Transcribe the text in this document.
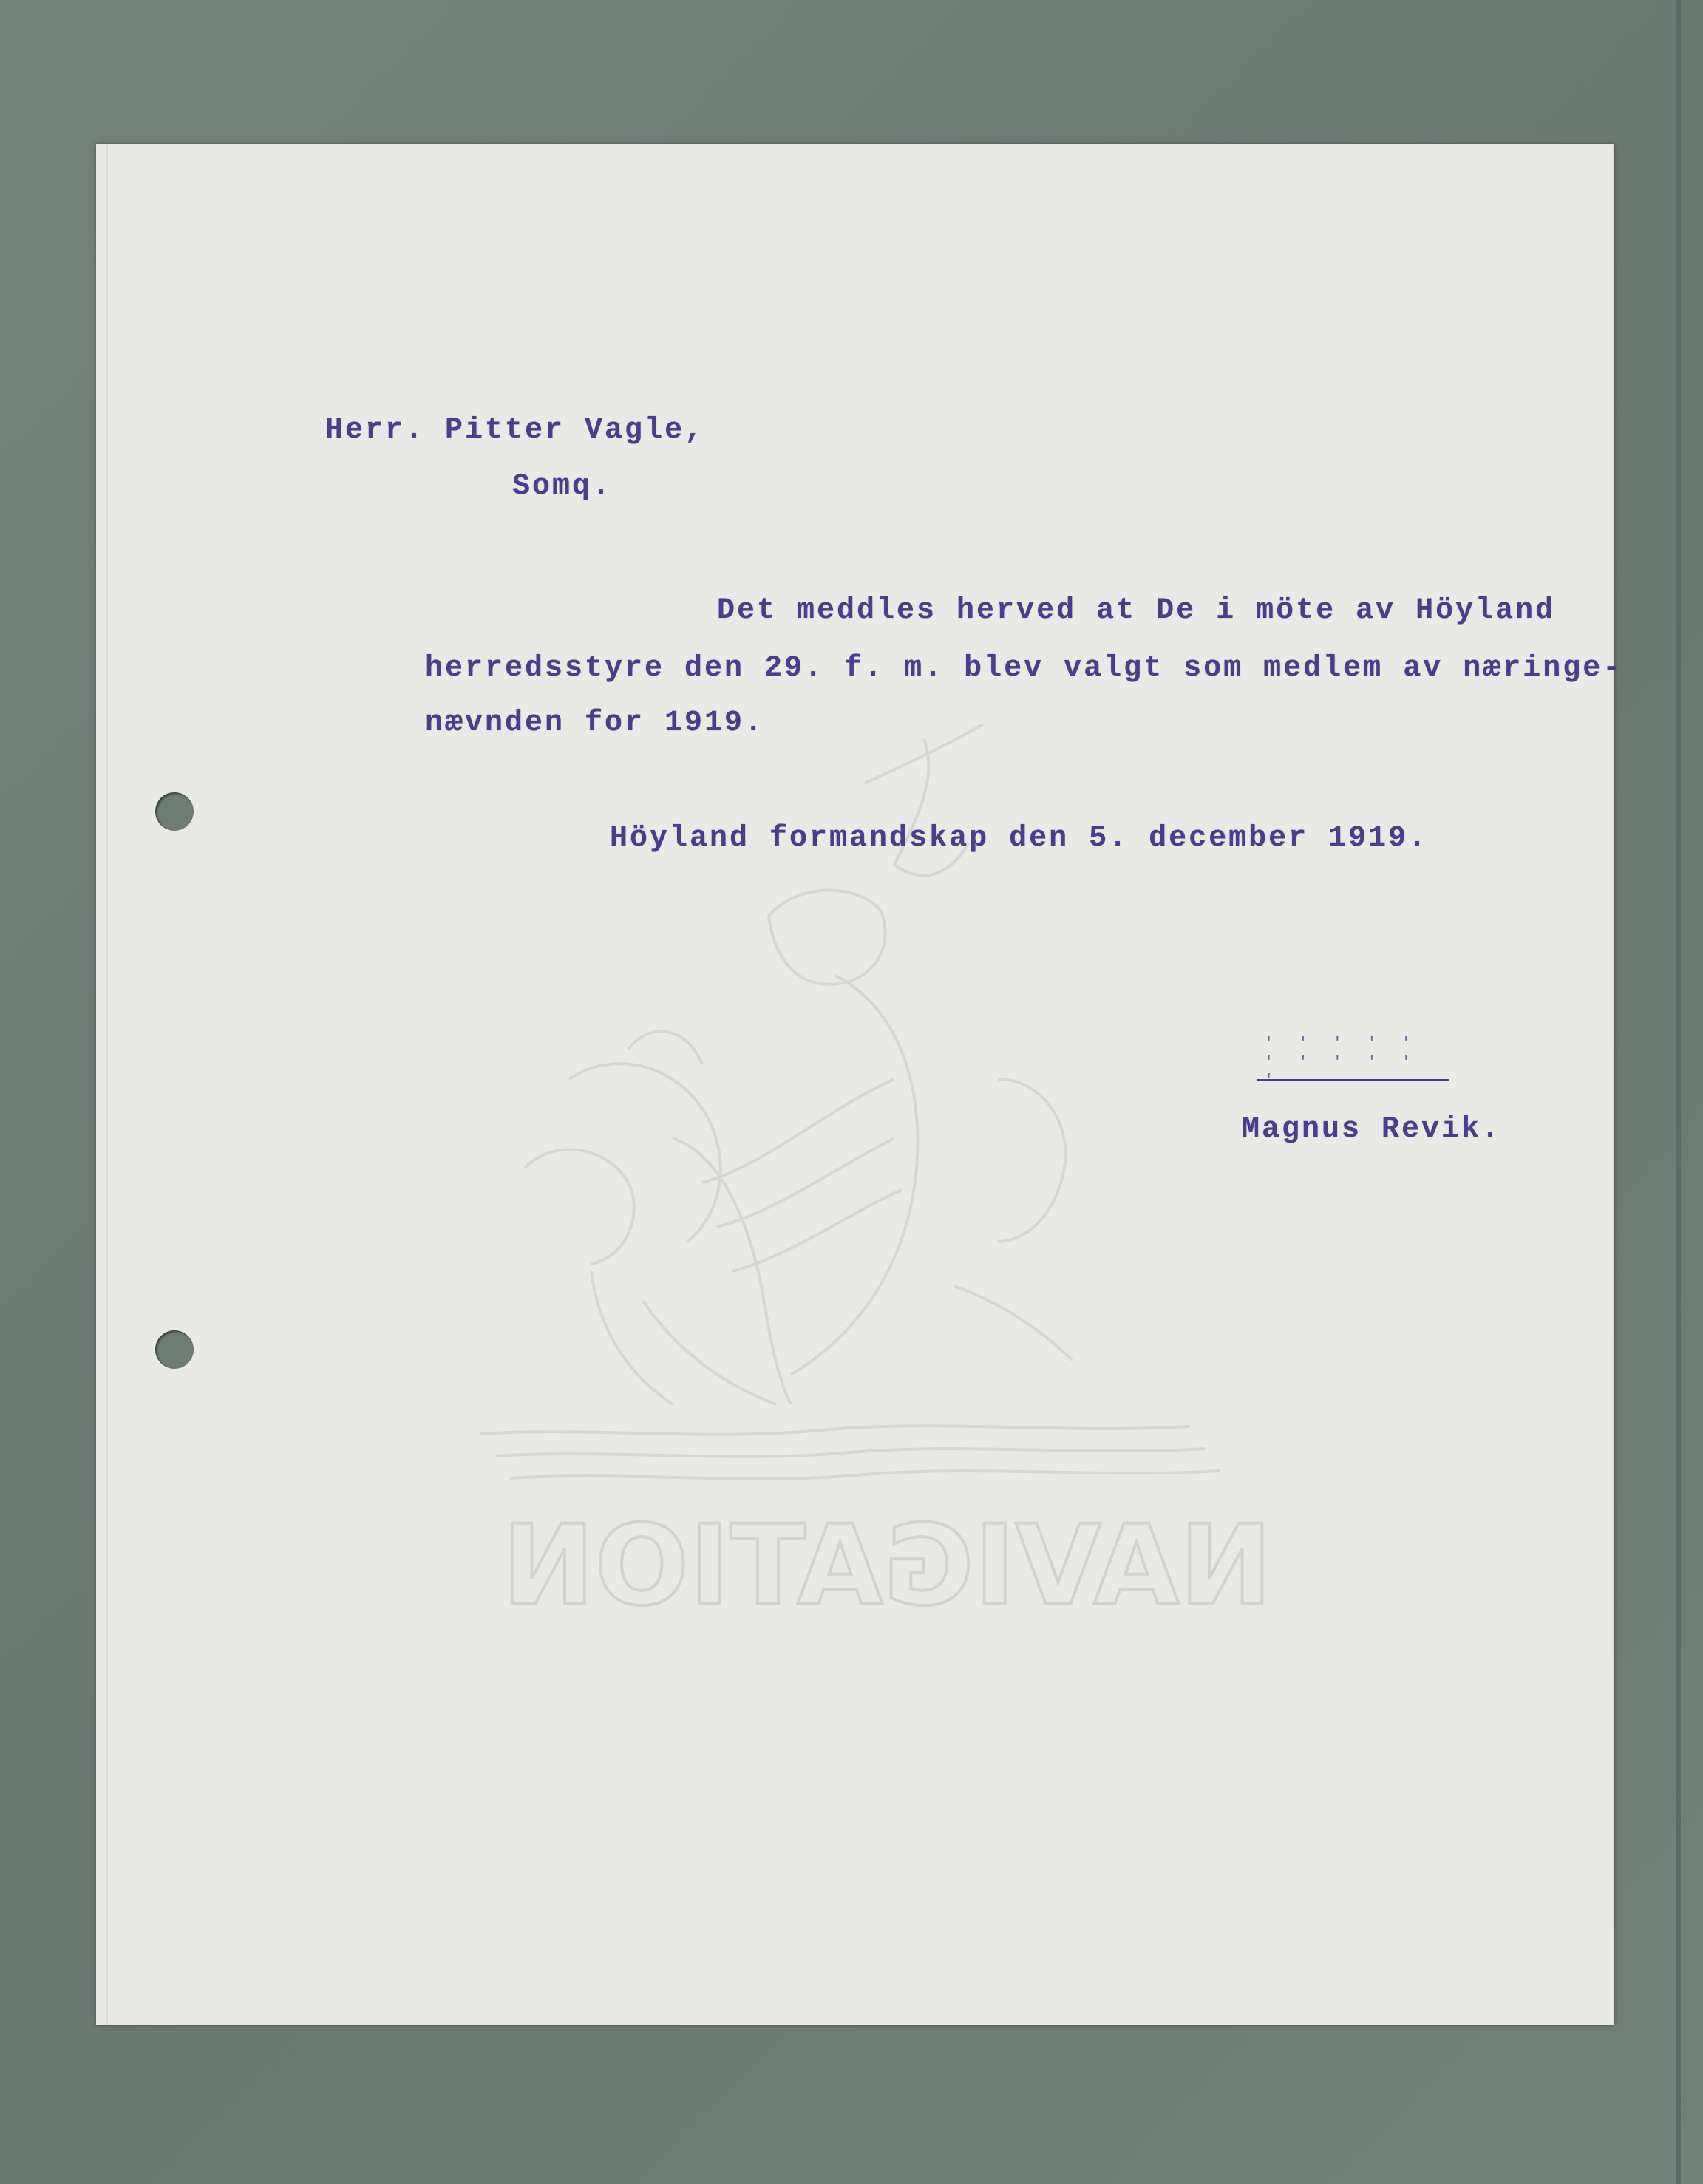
NAVIGATION
Herr. Pitter Vagle,
Somq.
Det meddles herved at De i möte av Höyland
herredsstyre den 29. f. m. blev valgt som medlem av næringe-
nævnden for 1919.
Höyland formandskap den 5. december 1919.
' ' ' ' ' ' ' ' ' ' '
Magnus Revik.
